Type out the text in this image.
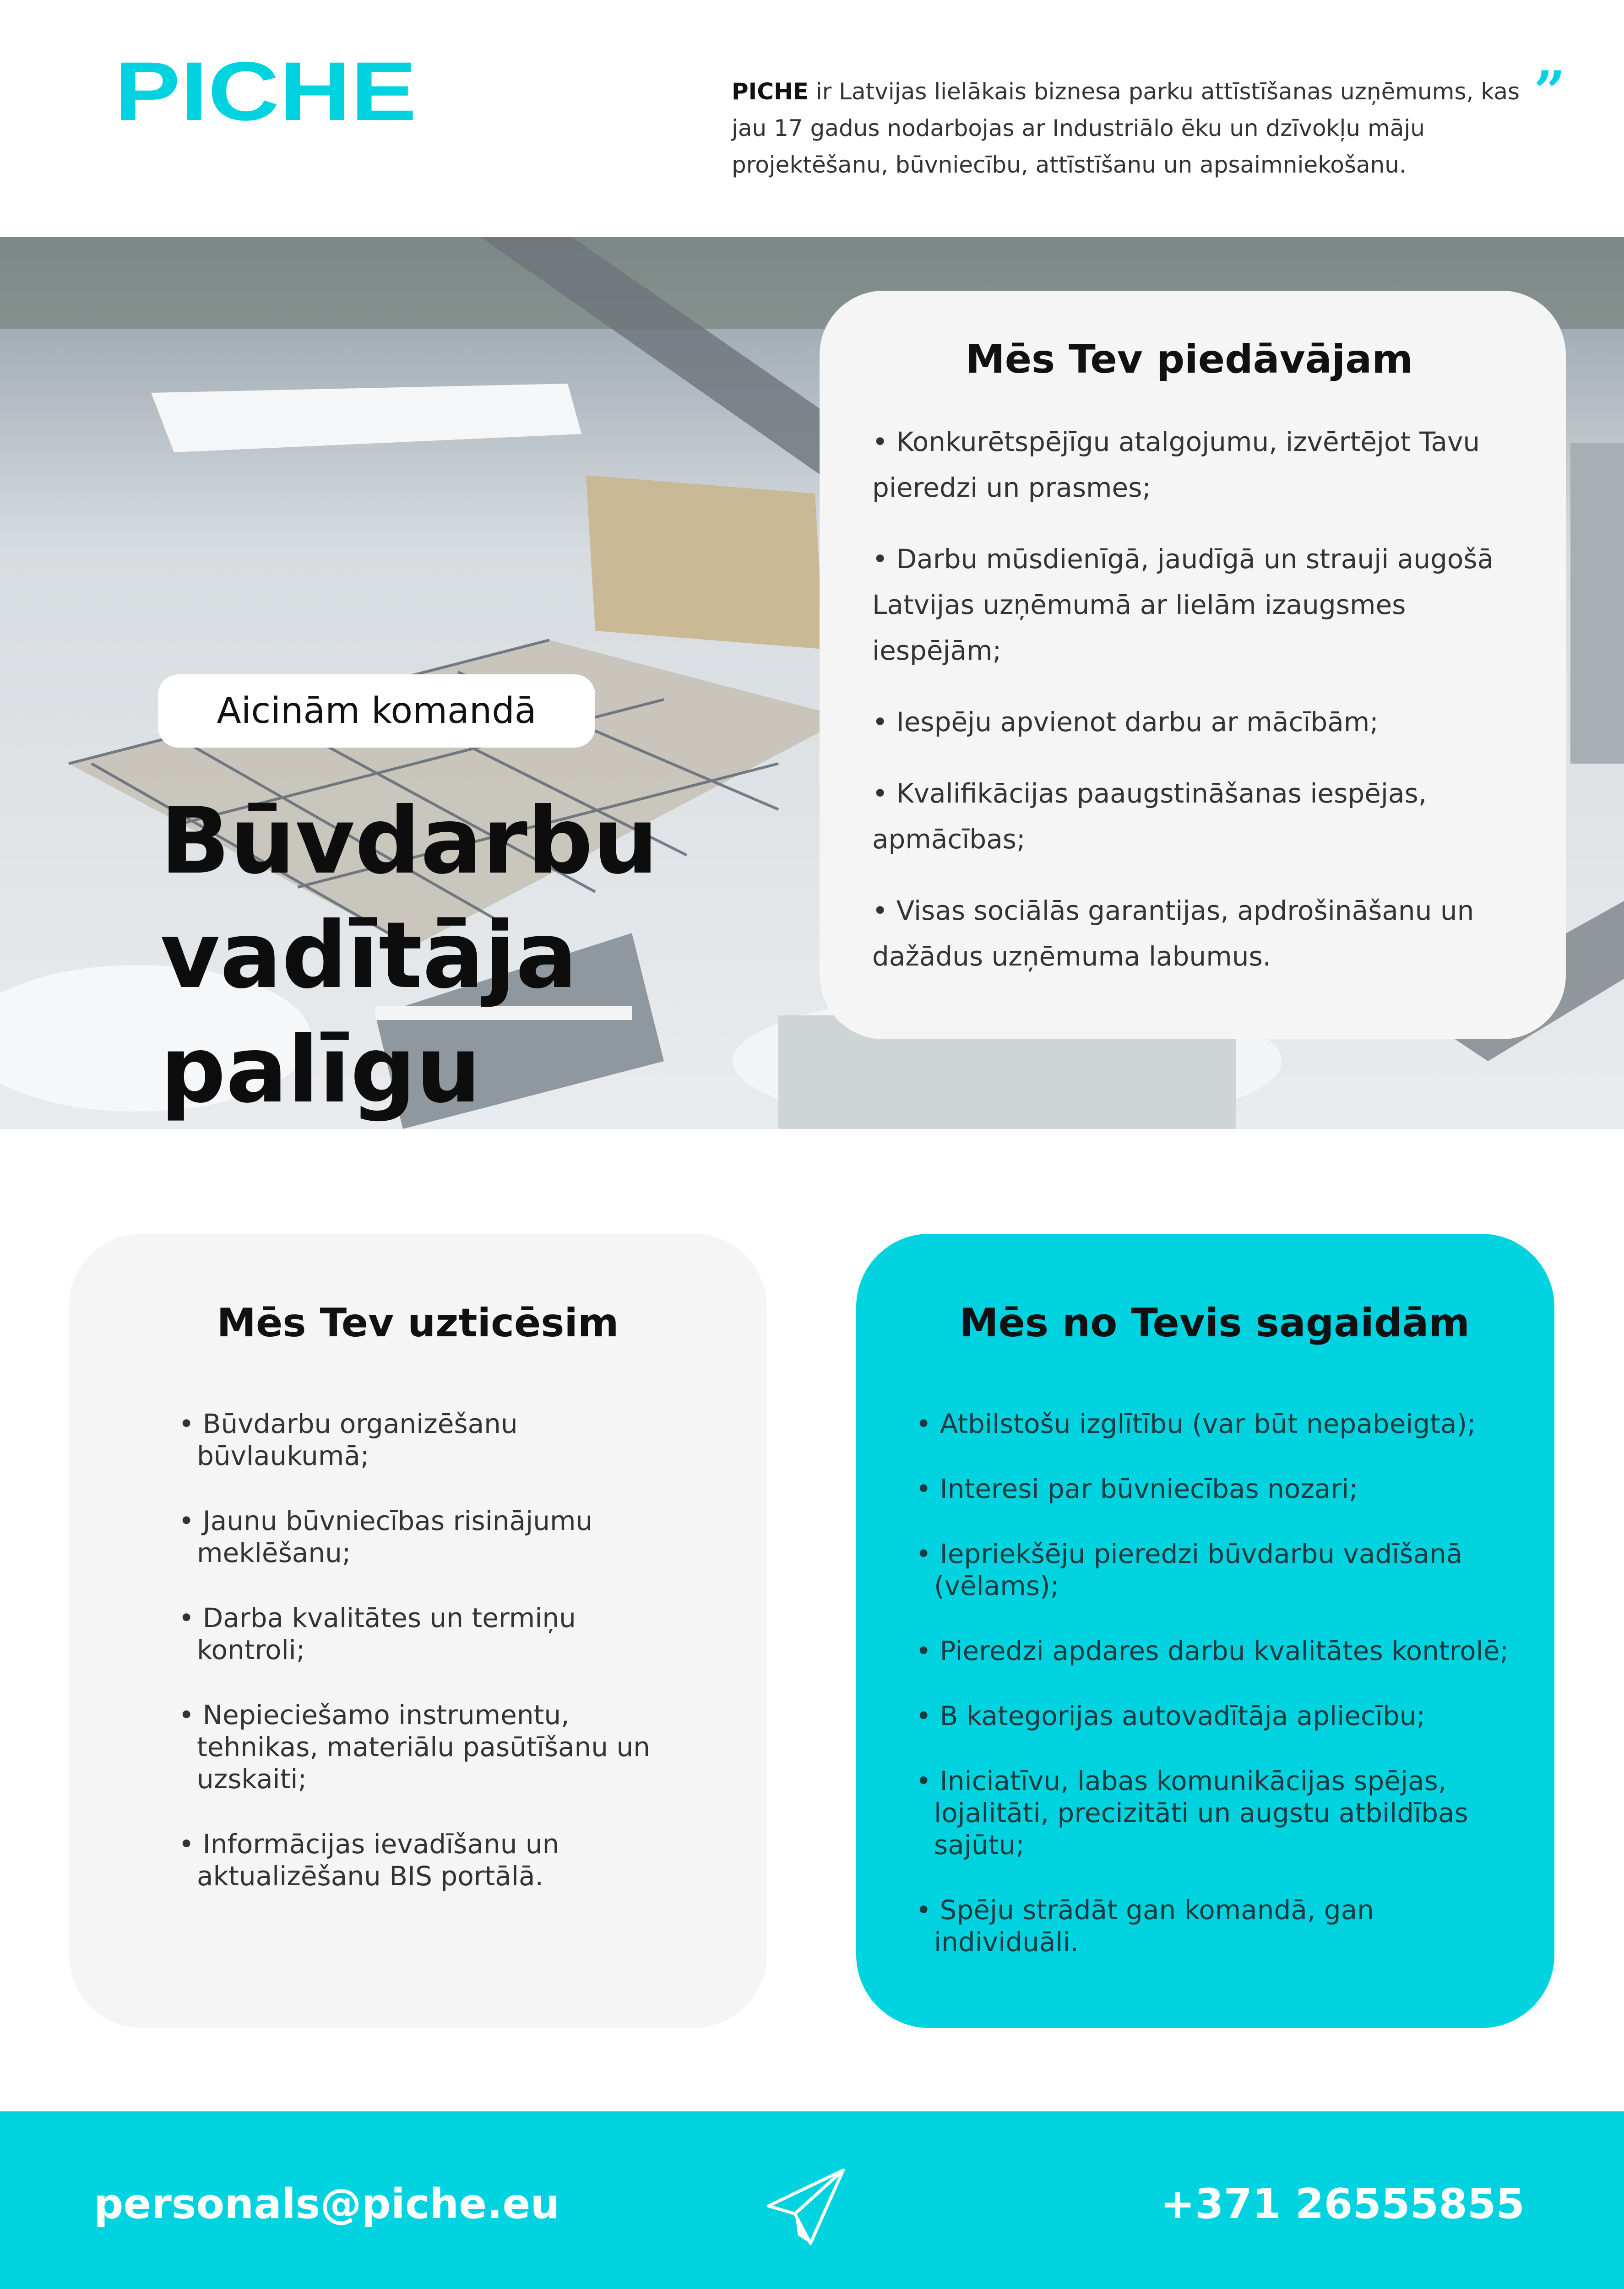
PICHE	”
PICHE ir Latvijas lielākais biznesa parku attīstīšanas uzņēmums, kas jau 17 gadus nodarbojas ar Industriālo ēku un dzīvokļu māju projektēšanu, būvniecību, attīstīšanu un apsaimniekošanu.
Aicinām komandā
Būvdarbu
vadītāja
palīgu
Mēs Tev piedāvājam

• Konkurētspējīgu atalgojumu, izvērtējot Tavu pieredzi un prasmes;

• Darbu mūsdienīgā, jaudīgā un strauji augošā Latvijas uzņēmumā ar lielām izaugsmes iespējām;

• Iespēju apvienot darbu ar mācībām;

• Kvalifikācijas paaugstināšanas iespējas, apmācības;

• Visas sociālās garantijas, apdrošināšanu un dažādus uzņēmuma labumus.

Mēs Tev uzticēsim
• Būvdarbu organizēšanu būvlaukumā;
• Jaunu būvniecības risinājumu meklēšanu;
• Darba kvalitātes un termiņu kontroli;
• Nepieciešamo instrumentu, tehnikas, materiālu pasūtīšanu un uzskaiti;
• Informācijas ievadīšanu un aktualizēšanu BIS portālā.
Mēs no Tevis sagaidām
• Atbilstošu izglītību (var būt nepabeigta);
• Interesi par būvniecības nozari;
• Iepriekšēju pieredzi būvdarbu vadīšanā (vēlams);
• Pieredzi apdares darbu kvalitātes kontrolē;
• B kategorijas autovadītāja apliecību;
• Iniciatīvu, labas komunikācijas spējas, lojalitāti, precizitāti un augstu atbildības sajūtu;
• Spēju strādāt gan komandā, gan individuāli.
personals@piche.eu	+371 26555855
